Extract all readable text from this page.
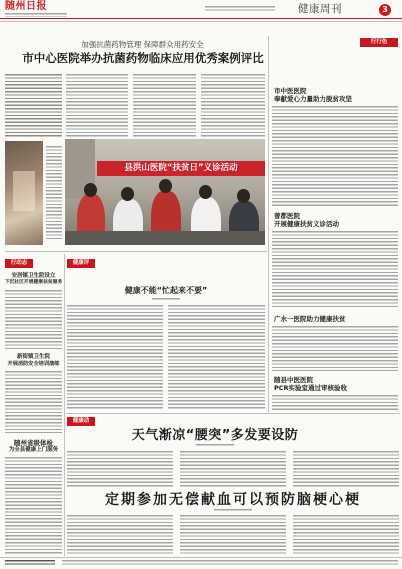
随州日报	健康周刊	3
加强抗菌药物管理 保障群众用药安全
市中心医院举办抗菌药物临床应用优秀案例评比
县洪山医院“扶贫日”义诊活动
行行色
市中医医院
奉献爱心力量助力脱贫攻坚
曾都医院
开展健康扶贫义诊活动
广水一医院助力健康扶贫
随县中医医院
PCR实验室通过审核验收
行动志
安居镇卫生院设立
下沉社区开展健康扶贫服务
新街镇卫生院
开展消防安全培训演练
随州省级体检
为全县健康上门服务
健康评
健康不能“忙起来不要”
健康动
天气渐凉“腰突”多发要设防
定期参加无偿献血可以预防脑梗心梗
